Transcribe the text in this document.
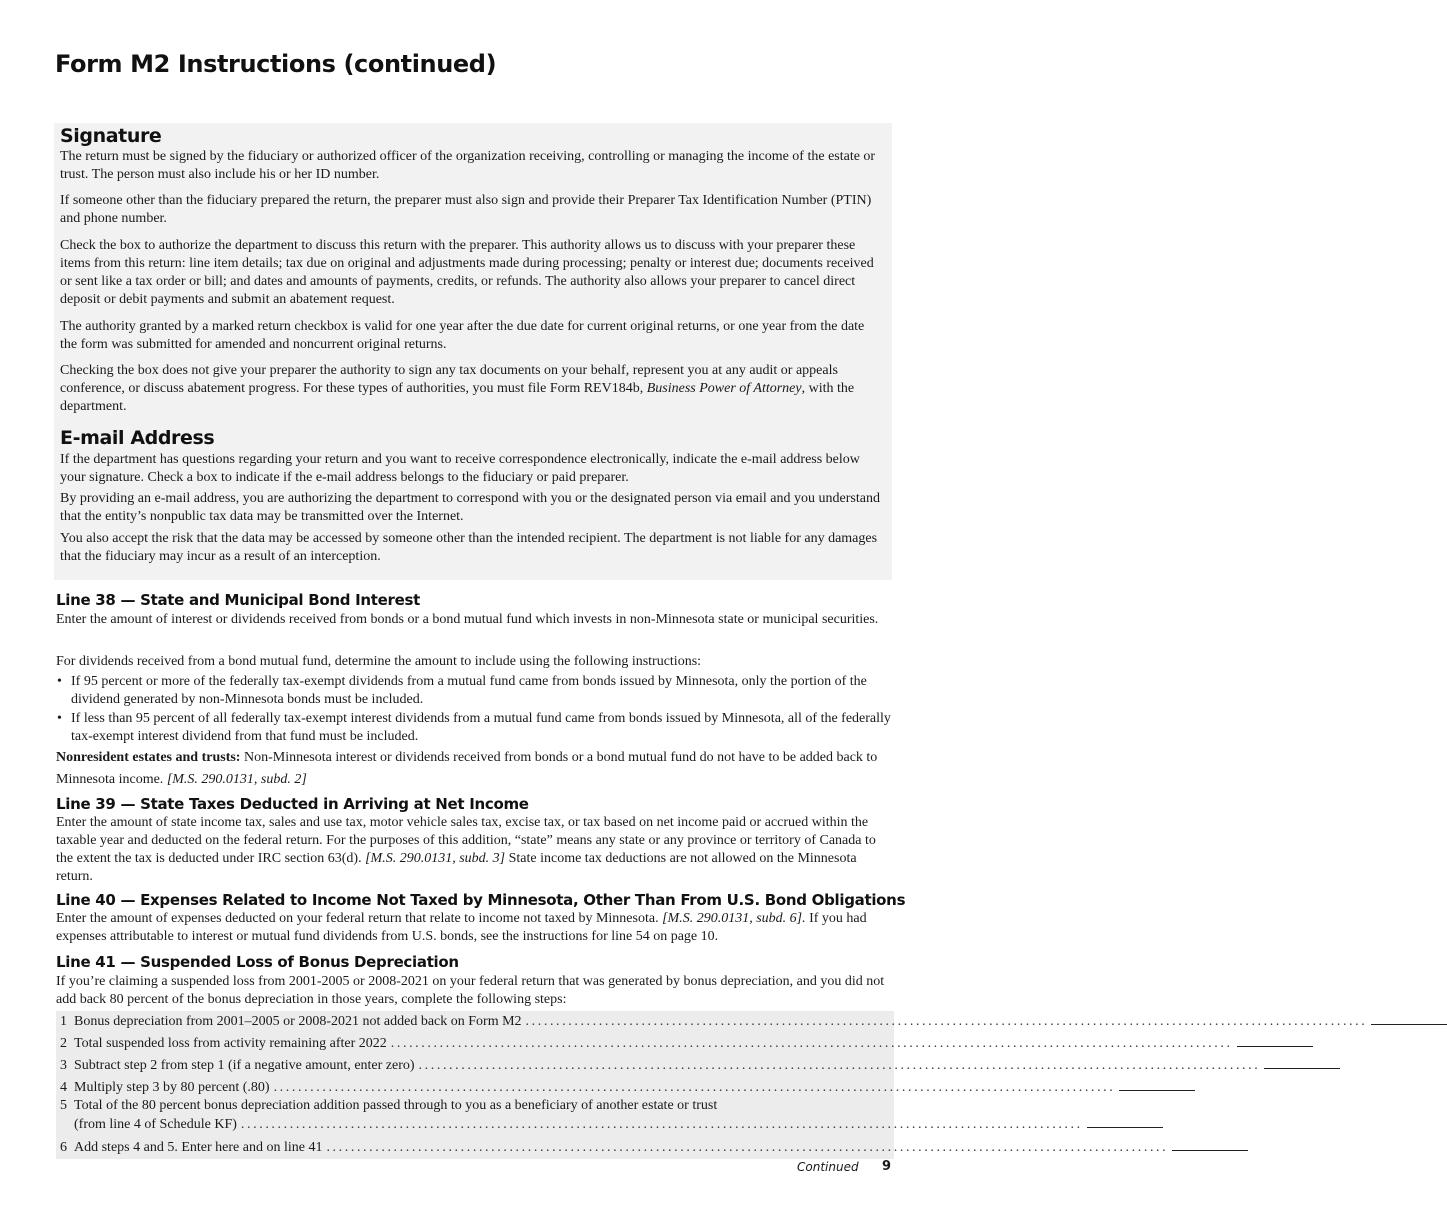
Form M2 Instructions (continued)
Signature

The return must be signed by the fiduciary or authorized officer of the organization receiving, controlling or managing the income of the estate or trust. The person must also include his or her ID number.

If someone other than the fiduciary prepared the return, the preparer must also sign and provide their Preparer Tax Identification Number (PTIN) and phone number.

Check the box to authorize the department to discuss this return with the preparer. This authority allows us to discuss with your preparer these items from this return: line item details; tax due on original and adjustments made during processing; penalty or interest due; documents received or sent like a tax order or bill; and dates and amounts of payments, credits, or refunds. The authority also allows your preparer to cancel direct deposit or debit payments and submit an abatement request.

The authority granted by a marked return checkbox is valid for one year after the due date for current original returns, or one year from the date the form was submitted for amended and noncurrent original returns.

Checking the box does not give your preparer the authority to sign any tax documents on your behalf, represent you at any audit or appeals conference, or discuss abatement progress. For these types of authorities, you must file Form REV184b, Business Power of Attorney, with the department.

E-mail Address

If the department has questions regarding your return and you want to receive correspondence electronically, indicate the e-mail address below your signature. Check a box to indicate if the e-mail address belongs to the fiduciary or paid preparer.

By providing an e-mail address, you are authorizing the department to correspond with you or the designated person via email and you understand that the entity’s nonpublic tax data may be transmitted over the Internet.

You also accept the risk that the data may be accessed by someone other than the intended recipient. The department is not liable for any damages that the fiduciary may incur as a result of an interception.

Line 38 — State and Municipal Bond Interest

Enter the amount of interest or dividends received from bonds or a bond mutual fund which invests in non-Minnesota state or municipal securities.

For dividends received from a bond mutual fund, determine the amount to include using the following instructions:

• If 95 percent or more of the federally tax-exempt dividends from a mutual fund came from bonds issued by Minnesota, only the portion of the dividend generated by non-Minnesota bonds must be included.

• If less than 95 percent of all federally tax-exempt interest dividends from a mutual fund came from bonds issued by Minnesota, all of the federally tax-exempt interest dividend from that fund must be included.

Nonresident estates and trusts: Non-Minnesota interest or dividends received from bonds or a bond mutual fund do not have to be added back to Minnesota income. [M.S. 290.0131, subd. 2]

Line 39 — State Taxes Deducted in Arriving at Net Income

Enter the amount of state income tax, sales and use tax, motor vehicle sales tax, excise tax, or tax based on net income paid or accrued within the taxable year and deducted on the federal return. For the purposes of this addition, “state” means any state or any province or territory of Canada to the extent the tax is deducted under IRC section 63(d). [M.S. 290.0131, subd. 3] State income tax deductions are not allowed on the Minnesota return.

Line 40 — Expenses Related to Income Not Taxed by Minnesota, Other Than From U.S. Bond Obligations

Enter the amount of expenses deducted on your federal return that relate to income not taxed by Minnesota. [M.S. 290.0131, subd. 6]. If you had expenses attributable to interest or mutual fund dividends from U.S. bonds, see the instructions for line 54 on page 10.

Line 41 — Suspended Loss of Bonus Depreciation

If you’re claiming a suspended loss from 2001-2005 or 2008-2021 on your federal return that was generated by bonus depreciation, and you did not add back 80 percent of the bonus depreciation in those years, complete the following steps:

1 Bonus depreciation from 2001–2005 or 2008-2021 not added back on Form M2 ..........................................................................................................................................
2 Total suspended loss from activity remaining after 2022 ..........................................................................................................................................
3 Subtract step 2 from step 1 (if a negative amount, enter zero) ..........................................................................................................................................
4 Multiply step 3 by 80 percent (.80) ..........................................................................................................................................
5 Total of the 80 percent bonus depreciation addition passed through to you as a beneficiary of another estate or trust
(from line 4 of Schedule KF) ..........................................................................................................................................
6 Add steps 4 and 5. Enter here and on line 41 ..........................................................................................................................................
Continued 9
